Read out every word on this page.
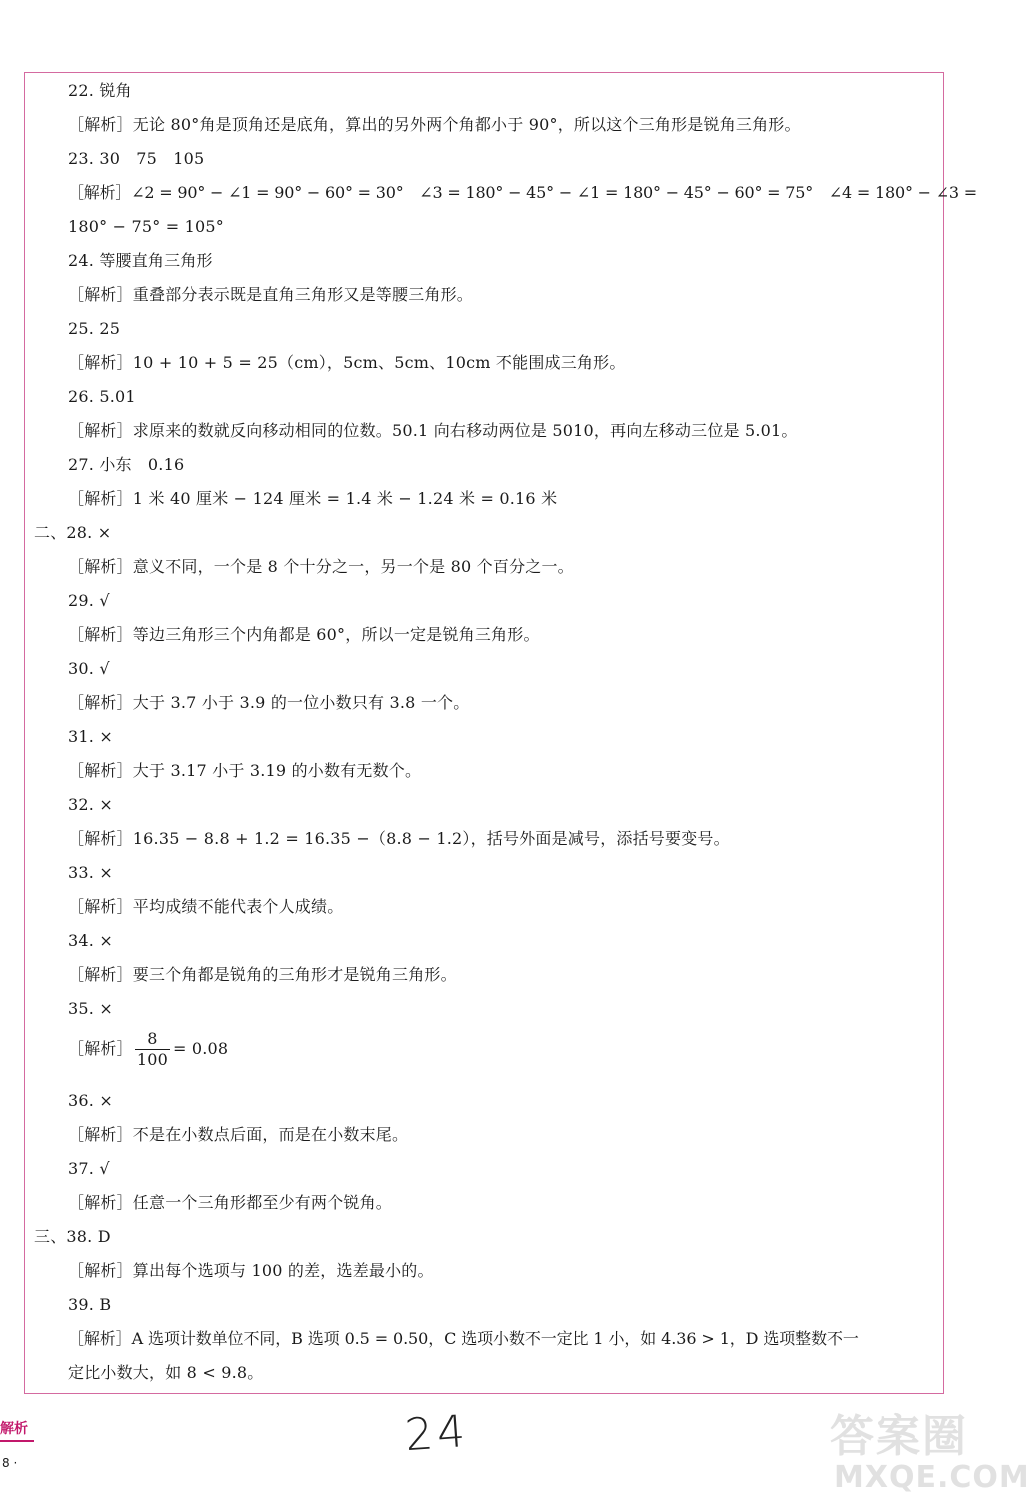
22. 锐角
［解析］无论 80°角是顶角还是底角，算出的另外两个角都小于 90°，所以这个三角形是锐角三角形。
23. 30　75　105
［解析］∠2 = 90° − ∠1 = 90° − 60° = 30°　∠3 = 180° − 45° − ∠1 = 180° − 45° − 60° = 75°　∠4 = 180° − ∠3 =
180° − 75° = 105°
24. 等腰直角三角形
［解析］重叠部分表示既是直角三角形又是等腰三角形。
25. 25
［解析］10 + 10 + 5 = 25（cm），5cm、5cm、10cm 不能围成三角形。
26. 5.01
［解析］求原来的数就反向移动相同的位数。50.1 向右移动两位是 5010，再向左移动三位是 5.01。
27. 小东　0.16
［解析］1 米 40 厘米 − 124 厘米 = 1.4 米 − 1.24 米 = 0.16 米
二、28. ×
［解析］意义不同，一个是 8 个十分之一，另一个是 80 个百分之一。
29. √
［解析］等边三角形三个内角都是 60°，所以一定是锐角三角形。
30. √
［解析］大于 3.7 小于 3.9 的一位小数只有 3.8 一个。
31. ×
［解析］大于 3.17 小于 3.19 的小数有无数个。
32. ×
［解析］16.35 − 8.8 + 1.2 = 16.35 −（8.8 − 1.2），括号外面是减号，添括号要变号。
33. ×
［解析］平均成绩不能代表个人成绩。
34. ×
［解析］要三个角都是锐角的三角形才是锐角三角形。
35. ×
［解析］ $\frac{8}{100} = 0.08$
36. ×
［解析］不是在小数点后面，而是在小数末尾。
37. √
［解析］任意一个三角形都至少有两个锐角。
三、38. D
［解析］算出每个选项与 100 的差，选差最小的。
39. B
［解析］A 选项计数单位不同，B 选项 0.5 = 0.50，C 选项小数不一定比 1 小，如 4.36 > 1，D 选项整数不一
定比小数大，如 8 < 9.8。
解析
8 ·
24	答案圈
MXQE.COM
